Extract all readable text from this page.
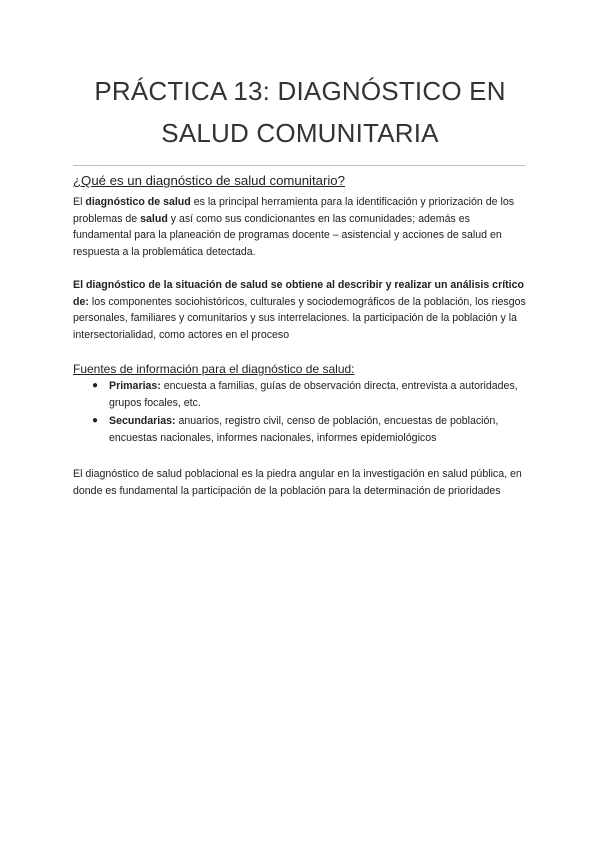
PRÁCTICA 13: DIAGNÓSTICO EN
SALUD COMUNITARIA
¿Qué es un diagnóstico de salud comunitario?

El diagnóstico de salud es la principal herramienta para la identificación y priorización de los problemas de salud y así como sus condicionantes en las comunidades; además es fundamental para la planeación de programas docente – asistencial y acciones de salud en respuesta a la problemática detectada.

El diagnóstico de la situación de salud se obtiene al describir y realizar un análisis crítico de: los componentes sociohistóricos, culturales y sociodemográficos de la población, los riesgos personales, familiares y comunitarios y sus interrelaciones. la participación de la población y la intersectorialidad, como actores en el proceso

Fuentes de información para el diagnóstico de salud:
● Primarias: encuesta a familias, guías de observación directa, entrevista a autoridades, grupos focales, etc.
● Secundarias: anuarios, registro civil, censo de población, encuestas de población, encuestas nacionales, informes nacionales, informes epidemiológicos

El diagnóstico de salud poblacional es la piedra angular en la investigación en salud pública, en donde es fundamental la participación de la población para la determinación de prioridades
